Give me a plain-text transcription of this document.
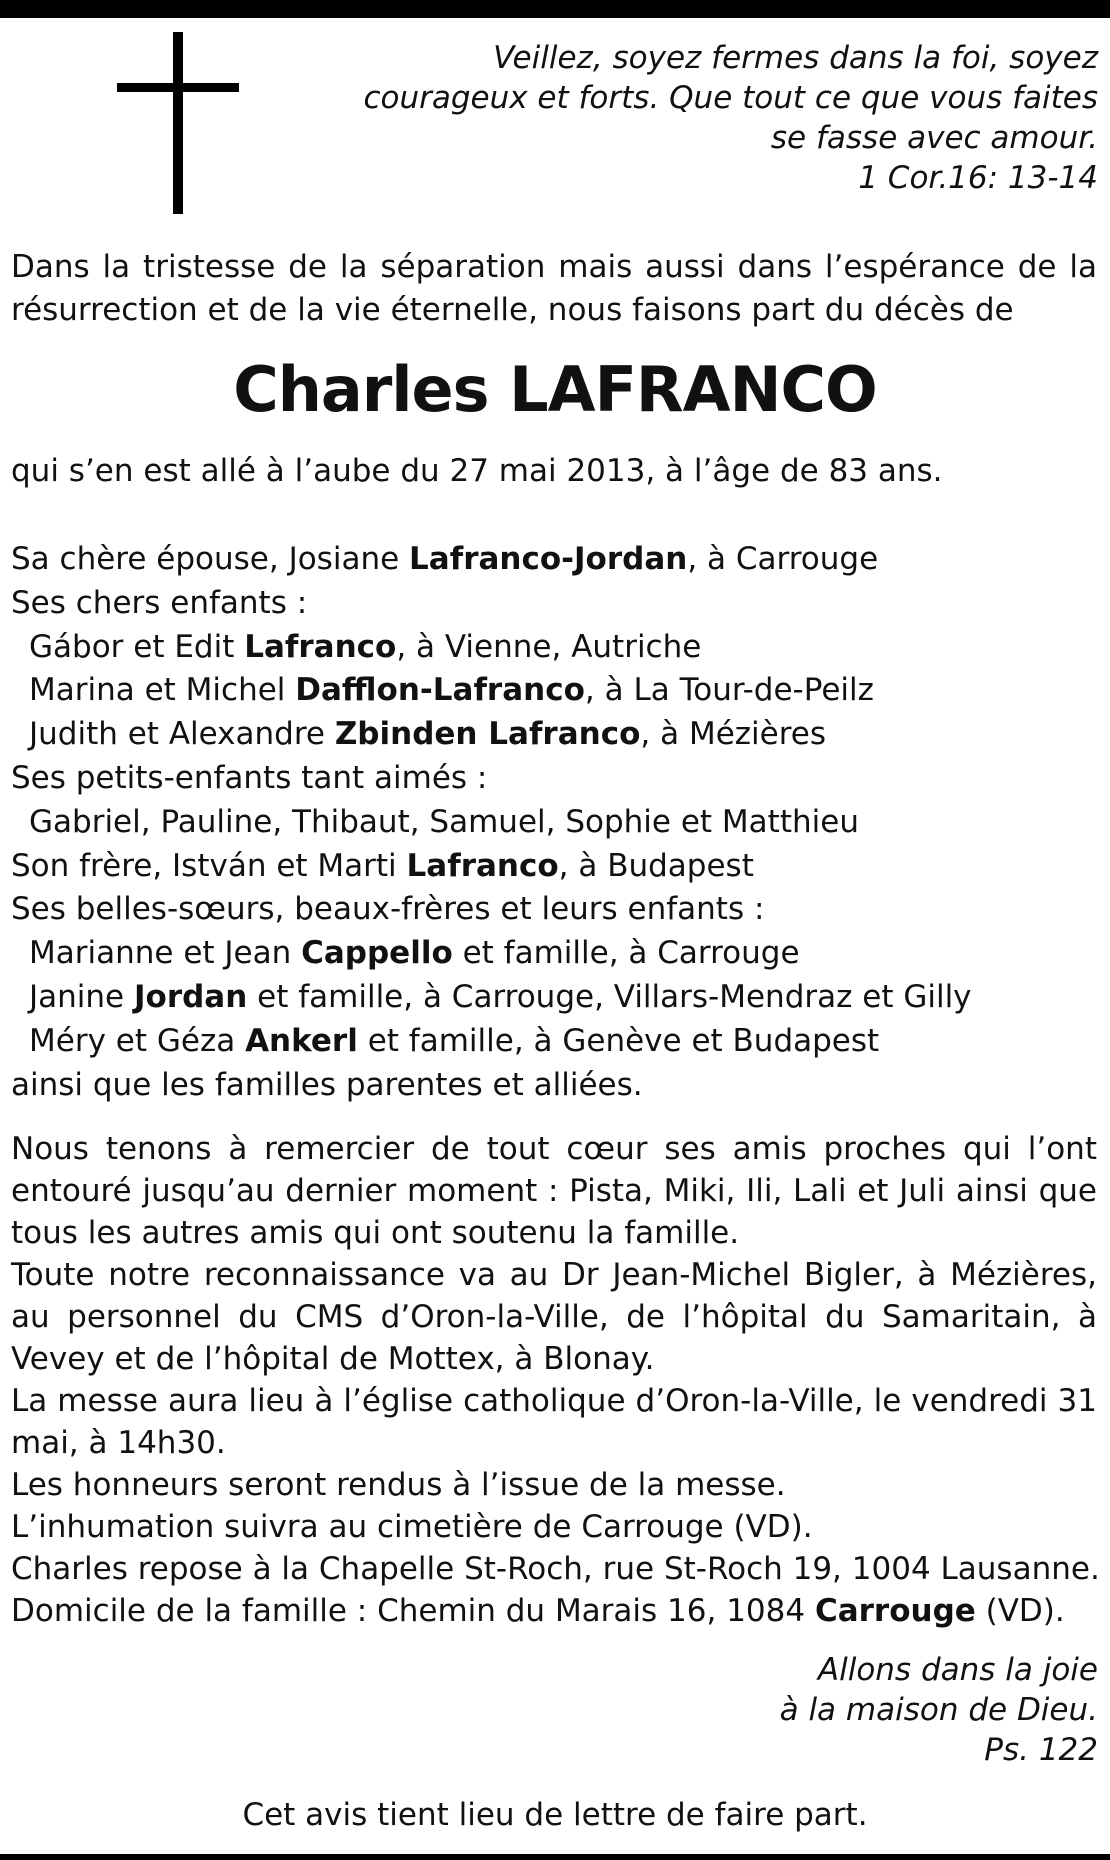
Veillez, soyez fermes dans la foi, soyez
courageux et forts. Que tout ce que vous faites
se fasse avec amour.
1 Cor.16: 13-14
Dans la tristesse de la séparation mais aussi dans l’espérance de la résurrection et de la vie éternelle, nous faisons part du décès de
Charles LAFRANCO
qui s’en est allé à l’aube du 27 mai 2013, à l’âge de 83 ans.
Sa chère épouse, Josiane Lafranco-Jordan, à Carrouge
Ses chers enfants :
Gábor et Edit Lafranco, à Vienne, Autriche
Marina et Michel Dafflon-Lafranco, à La Tour-de-Peilz
Judith et Alexandre Zbinden Lafranco, à Mézières
Ses petits-enfants tant aimés :
Gabriel, Pauline, Thibaut, Samuel, Sophie et Matthieu
Son frère, István et Marti Lafranco, à Budapest
Ses belles-sœurs, beaux-frères et leurs enfants :
Marianne et Jean Cappello et famille, à Carrouge
Janine Jordan et famille, à Carrouge, Villars-Mendraz et Gilly
Méry et Géza Ankerl et famille, à Genève et Budapest
ainsi que les familles parentes et alliées.
Nous tenons à remercier de tout cœur ses amis proches qui l’ont entouré jusqu’au dernier moment : Pista, Miki, Ili, Lali et Juli ainsi que tous les autres amis qui ont soutenu la famille.
Toute notre reconnaissance va au Dr Jean-Michel Bigler, à Mézières, au personnel du CMS d’Oron-la-Ville, de l’hôpital du Samaritain, à Vevey et de l’hôpital de Mottex, à Blonay.
La messe aura lieu à l’église catholique d’Oron-la-Ville, le vendredi 31 mai, à 14h30.
Les honneurs seront rendus à l’issue de la messe.
L’inhumation suivra au cimetière de Carrouge (VD).
Charles repose à la Chapelle St-Roch, rue St-Roch 19, 1004 Lausanne.
Domicile de la famille : Chemin du Marais 16, 1084 Carrouge (VD).
Allons dans la joie
à la maison de Dieu.
Ps. 122
Cet avis tient lieu de lettre de faire part.
